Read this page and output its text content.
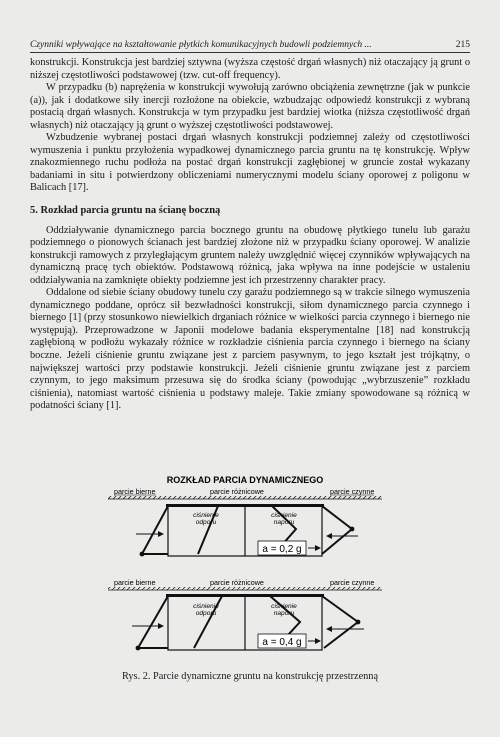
Czynniki wpływające na kształtowanie płytkich komunikacyjnych budowli podziemnych ...	215

konstrukcji. Konstrukcja jest bardziej sztywna (wyższa częstość drgań własnych) niż otaczający ją grunt o niższej częstotliwości podstawowej (tzw. cut-off frequency).

W przypadku (b) naprężenia w konstrukcji wywołują zarówno obciążenia zewnętrzne (jak w punkcie (a)), jak i dodatkowe siły inercji rozłożone na obiekcie, wzbudzając odpowiedź konstrukcji z wybraną postacią drgań własnych. Konstrukcja w tym przypadku jest bardziej wiotka (niższa częstotliwość drgań własnych) niż otaczający ją grunt o wyższej częstotliwości podstawowej.

Wzbudzenie wybranej postaci drgań własnych konstrukcji podziemnej zależy od częstotliwości wymuszenia i punktu przyłożenia wypadkowej dynamicznego parcia gruntu na tę konstrukcję. Wpływ znakozmiennego ruchu podłoża na postać drgań konstrukcji zagłębionej w gruncie został wykazany badaniami in situ i potwierdzony obliczeniami numerycznymi modelu ściany oporowej z poligonu w Balicach [17].

5. Rozkład parcia gruntu na ścianę boczną

Oddziaływanie dynamicznego parcia bocznego gruntu na obudowę płytkiego tunelu lub garażu podziemnego o pionowych ścianach jest bardziej złożone niż w przypadku ściany oporowej. W analizie konstrukcji ramowych z przyległającym gruntem należy uwzględnić więcej czynników wpływających na dynamiczną pracę tych obiektów. Podstawową różnicą, jaka wpływa na inne podejście w ustaleniu oddziaływania na zamknięte obiekty podziemne jest ich przestrzenny charakter pracy.

Oddalone od siebie ściany obudowy tunelu czy garażu podziemnego są w trakcie silnego wymuszenia dynamicznego poddane, oprócz sił bezwładności konstrukcji, siłom dynamicznego parcia czynnego i biernego [1] (przy stosunkowo niewielkich drganiach różnice w wielkości parcia czynnego i biernego nie występują). Przeprowadzone w Japonii modelowe badania eksperymentalne [18] nad konstrukcją zagłębioną w podłożu wykazały różnice w rozkładzie ciśnienia parcia czynnego i biernego na ściany boczne. Jeżeli ciśnienie gruntu związane jest z parciem pasywnym, to jego kształt jest trójkątny, o największej wartości przy podstawie konstrukcji. Jeżeli ciśnienie gruntu związane jest z parciem czynnym, to jego maksimum przesuwa się do środka ściany (powodując „wybrzuszenie” rozkładu ciśnienia), natomiast wartość ciśnienia u podstawy maleje. Takie zmiany spowodowane są różnicą w podatności ściany [1].

ROZKŁAD PARCIA DYNAMICZNEGO
parcie bierne	parcie różnicowe	parcie czynne
ciśnienie
odporu
ciśnienie
naporu
a = 0,2 g
parcie bierne	parcie różnicowe	parcie czynne
ciśnienie
odporu
ciśnienie
naporu
a = 0,4 g
Rys. 2. Parcie dynamiczne gruntu na konstrukcję przestrzenną
